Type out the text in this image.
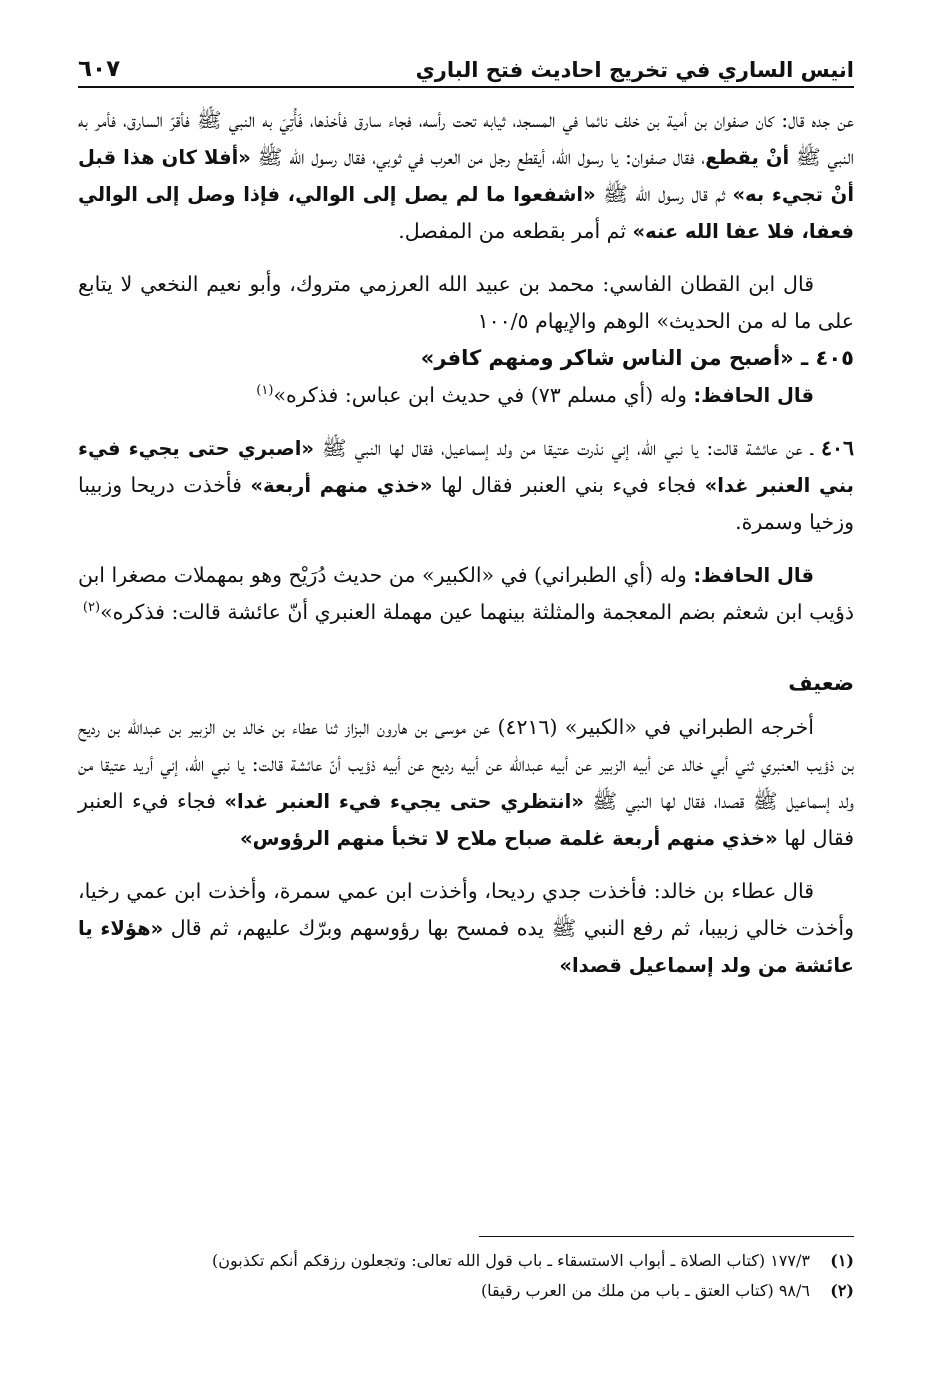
انيس الساري في تخريج احاديث فتح الباري
٦٠٧

عن جده قال: كان صفوان بن أمية بن خلف نائما في المسجد، ثيابه تحت رأسه، فجاء سارق فأخذها، فَأُتِيَ به النبي ﷺ فأقرّ السارق، فأمر به النبي ﷺ أنْ يقطع، فقال صفوان: يا رسول الله، أيقطع رجل من العرب في ثوبي، فقال رسول الله ﷺ «أفلا كان هذا قبل أنْ تجيء به» ثم قال رسول الله ﷺ «اشفعوا ما لم يصل إلى الوالي، فإذا وصل إلى الوالي فعفا، فلا عفا الله عنه» ثم أمر بقطعه من المفصل.

قال ابن القطان الفاسي: محمد بن عبيد الله العرزمي متروك، وأبو نعيم النخعي لا يتابع على ما له من الحديث» الوهم والإيهام ١٠٠/٥

٤٠٥ ـ «أصبح من الناس شاكر ومنهم كافر»

قال الحافظ: وله (أي مسلم ٧٣) في حديث ابن عباس: فذكره»$^{(١)}$

٤٠٦ ـ عن عائشة قالت: يا نبي الله، إني نذرت عتيقا من ولد إسماعيل، فقال لها النبي ﷺ «اصبري حتى يجيء فيء بني العنبر غدا» فجاء فيء بني العنبر فقال لها «خذي منهم أربعة» فأخذت دريحا وزبيبا وزخيا وسمرة.

قال الحافظ: وله (أي الطبراني) في «الكبير» من حديث دُرَيْح وهو بمهملات مصغرا ابن ذؤيب ابن شعثم بضم المعجمة والمثلثة بينهما عين مهملة العنبري أنّ عائشة قالت: فذكره»$^{(٢)}$

ضعيف

أخرجه الطبراني في «الكبير» (٤٢١٦) عن موسى بن هارون البزاز ثنا عطاء بن خالد بن الزبير بن عبدالله بن رديح بن ذؤيب العنبري ثني أبي خالد عن أبيه الزبير عن أبيه عبدالله عن أبيه رديح عن أبيه ذؤيب أنّ عائشة قالت: يا نبي الله، إني أريد عتيقا من ولد إسماعيل ﷺ قصدا، فقال لها النبي ﷺ «انتظري حتى يجيء فيء العنبر غدا» فجاء فيء العنبر فقال لها «خذي منهم أربعة غلمة صباح ملاح لا تخبأ منهم الرؤوس»

قال عطاء بن خالد: فأخذت جدي رديحا، وأخذت ابن عمي سمرة، وأخذت ابن عمي رخيا، وأخذت خالي زبيبا، ثم رفع النبي ﷺ يده فمسح بها رؤوسهم وبرّك عليهم، ثم قال «هؤلاء يا عائشة من ولد إسماعيل قصدا»

(١)
١٧٧/٣ (كتاب الصلاة ـ أبواب الاستسقاء ـ باب قول الله تعالى: وتجعلون رزقكم أنكم تكذبون)

(٢)
٩٨/٦ (كتاب العتق ـ باب من ملك من العرب رقيقا)
